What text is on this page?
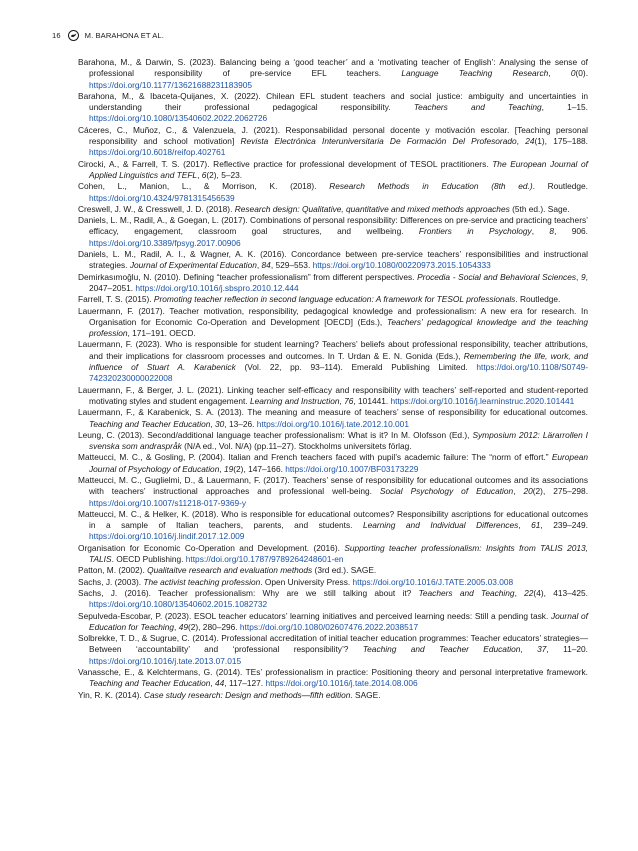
16	M. BARAHONA ET AL.

Barahona, M., & Darwin, S. (2023). Balancing being a ‘good teacher’ and a ‘motivating teacher of English’: Analysing the sense of professional responsibility of pre-service EFL teachers. Language Teaching Research, 0(0). https://doi.org/10.1177/13621688231183905

Barahona, M., & Ibaceta-Quijanes, X. (2022). Chilean EFL student teachers and social justice: ambiguity and uncertainties in understanding their professional pedagogical responsibility. Teachers and Teaching, 1–15. https://doi.org/10.1080/13540602.2022.2062726

Cáceres, C., Muñoz, C., & Valenzuela, J. (2021). Responsabilidad personal docente y motivación escolar. [Teaching personal responsibility and school motivation] Revista Electrónica Interuniversitaria De Formación Del Profesorado, 24(1), 175–188. https://doi.org/10.6018/reifop.402761

Cirocki, A., & Farrell, T. S. (2017). Reflective practice for professional development of TESOL practitioners. The European Journal of Applied Linguistics and TEFL, 6(2), 5–23.

Cohen, L., Manion, L., & Morrison, K. (2018). Research Methods in Education (8th ed.). Routledge. https://doi.org/10.4324/9781315456539

Creswell, J. W., & Cresswell, J. D. (2018). Research design: Qualitative, quantitative and mixed methods approaches (5th ed.). Sage.

Daniels, L. M., Radil, A., & Goegan, L. (2017). Combinations of personal responsibility: Differences on pre-service and practicing teachers’ efficacy, engagement, classroom goal structures, and wellbeing. Frontiers in Psychology, 8, 906. https://doi.org/10.3389/fpsyg.2017.00906

Daniels, L. M., Radil, A. I., & Wagner, A. K. (2016). Concordance between pre-service teachers’ responsibilities and instructional strategies. Journal of Experimental Education, 84, 529–553. https://doi.org/10.1080/00220973.2015.1054333

Demirkasımoğlu, N. (2010). Defining “teacher professionalism” from different perspectives. Procedia - Social and Behavioral Sciences, 9, 2047–2051. https://doi.org/10.1016/j.sbspro.2010.12.444

Farrell, T. S. (2015). Promoting teacher reflection in second language education: A framework for TESOL professionals. Routledge.

Lauermann, F. (2017). Teacher motivation, responsibility, pedagogical knowledge and professionalism: A new era for research. In Organisation for Economic Co-Operation and Development [OECD] (Eds.), Teachers’ pedagogical knowledge and the teaching profession, 171–191. OECD.

Lauermann, F. (2023). Who is responsible for student learning? Teachers’ beliefs about professional responsibility, teacher attributions, and their implications for classroom processes and outcomes. In T. Urdan & E. N. Gonida (Eds.), Remembering the life, work, and influence of Stuart A. Karabenick (Vol. 22, pp. 93–114). Emerald Publishing Limited. https://doi.org/10.1108/S0749-742320230000022008

Lauermann, F., & Berger, J. L. (2021). Linking teacher self-efficacy and responsibility with teachers’ self-reported and student-reported motivating styles and student engagement. Learning and Instruction, 76, 101441. https://doi.org/10.1016/j.learninstruc.2020.101441

Lauermann, F., & Karabenick, S. A. (2013). The meaning and measure of teachers’ sense of responsibility for educational outcomes. Teaching and Teacher Education, 30, 13–26. https://doi.org/10.1016/j.tate.2012.10.001

Leung, C. (2013). Second/additional language teacher professionalism: What is it? In M. Olofsson (Ed.), Symposium 2012: Lärarrollen I svenska som andraspråk (N/A ed., Vol. N/A) (pp.11–27). Stockholms universitets förlag.

Matteucci, M. C., & Gosling, P. (2004). Italian and French teachers faced with pupil’s academic failure: The “norm of effort.” European Journal of Psychology of Education, 19(2), 147–166. https://doi.org/10.1007/BF03173229

Matteucci, M. C., Guglielmi, D., & Lauermann, F. (2017). Teachers’ sense of responsibility for educational outcomes and its associations with teachers’ instructional approaches and professional well-being. Social Psychology of Education, 20(2), 275–298. https://doi.org/10.1007/s11218-017-9369-y

Matteucci, M. C., & Helker, K. (2018). Who is responsible for educational outcomes? Responsibility ascriptions for educational outcomes in a sample of Italian teachers, parents, and students. Learning and Individual Differences, 61, 239–249. https://doi.org/10.1016/j.lindif.2017.12.009

Organisation for Economic Co-Operation and Development. (2016). Supporting teacher professionalism: Insights from TALIS 2013, TALIS. OECD Publishing. https://doi.org/10.1787/9789264248601-en

Patton, M. (2002). Qualitaitve research and evaluation methods (3rd ed.). SAGE.

Sachs, J. (2003). The activist teaching profession. Open University Press. https://doi.org/10.1016/J.TATE.2005.03.008

Sachs, J. (2016). Teacher professionalism: Why are we still talking about it? Teachers and Teaching, 22(4), 413–425. https://doi.org/10.1080/13540602.2015.1082732

Sepulveda-Escobar, P. (2023). ESOL teacher educators’ learning initiatives and perceived learning needs: Still a pending task. Journal of Education for Teaching, 49(2), 280–296. https://doi.org/10.1080/02607476.2022.2038517

Solbrekke, T. D., & Sugrue, C. (2014). Professional accreditation of initial teacher education programmes: Teacher educators’ strategies—Between ‘accountability’ and ‘professional responsibility’? Teaching and Teacher Education, 37, 11–20. https://doi.org/10.1016/j.tate.2013.07.015

Vanassche, E., & Kelchtermans, G. (2014). TEs’ professionalism in practice: Positioning theory and personal interpretative framework. Teaching and Teacher Education, 44, 117–127. https://doi.org/10.1016/j.tate.2014.08.006

Yin, R. K. (2014). Case study research: Design and methods—fifth edition. SAGE.
